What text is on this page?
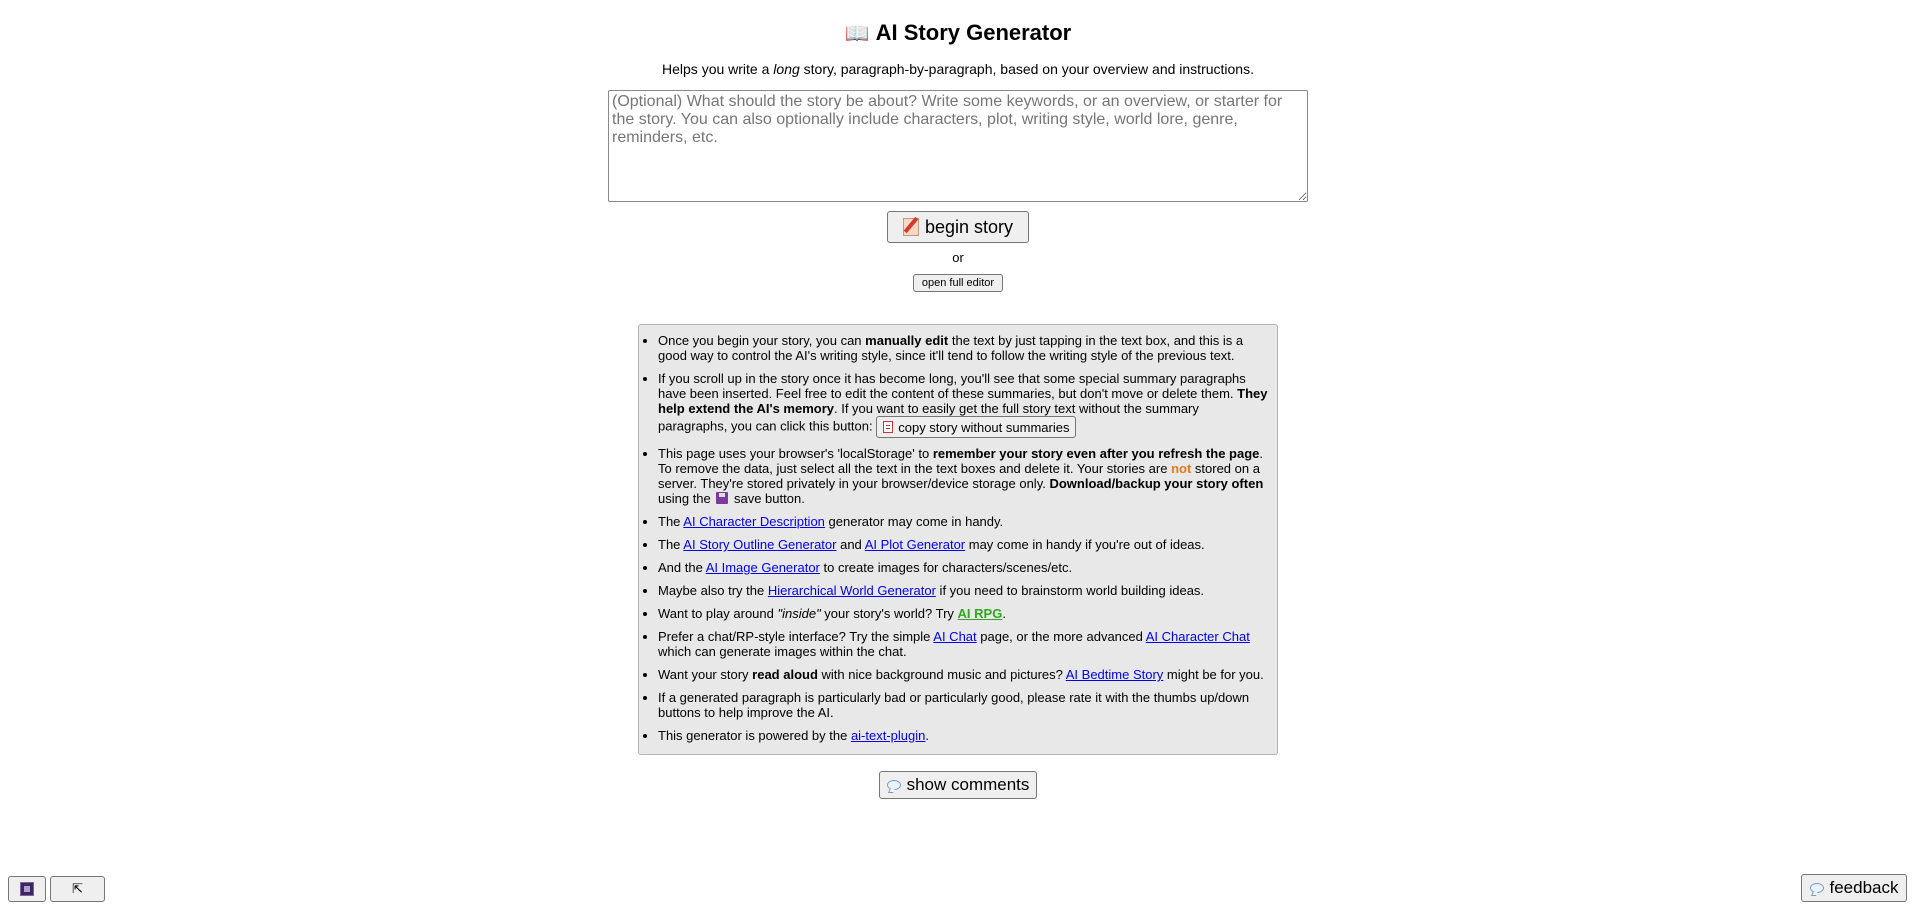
📖 AI Story Generator
Helps you write a long story, paragraph-by-paragraph, based on your overview and instructions.
(Optional) What should the story be about? Write some keywords, or an overview, or starter for the story. You can also optionally include characters, plot, writing style, world lore, genre, reminders, etc.
begin story
or
open full editor
• Once you begin your story, you can manually edit the text by just tapping in the text box, and this is a good way to control the AI's writing style, since it'll tend to follow the writing style of the previous text.
• If you scroll up in the story once it has become long, you'll see that some special summary paragraphs have been inserted. Feel free to edit the content of these summaries, but don't move or delete them. They help extend the AI's memory. If you want to easily get the full story text without the summary paragraphs, you can click this button: copy story without summaries
• This page uses your browser's 'localStorage' to remember your story even after you refresh the page. To remove the data, just select all the text in the text boxes and delete it. Your stories are not stored on a server. They're stored privately in your browser/device storage only. Download/backup your story often using the  save button.
• The AI Character Description generator may come in handy.
• The AI Story Outline Generator and AI Plot Generator may come in handy if you're out of ideas.
• And the AI Image Generator to create images for characters/scenes/etc.
• Maybe also try the Hierarchical World Generator if you need to brainstorm world building ideas.
• Want to play around "inside" your story's world? Try AI RPG.
• Prefer a chat/RP-style interface? Try the simple AI Chat page, or the more advanced AI Character Chat which can generate images within the chat.
• Want your story read aloud with nice background music and pictures? AI Bedtime Story might be for you.
• If a generated paragraph is particularly bad or particularly good, please rate it with the thumbs up/down buttons to help improve the AI.
• This generator is powered by the ai-text-plugin.
show comments
⇱	feedback
